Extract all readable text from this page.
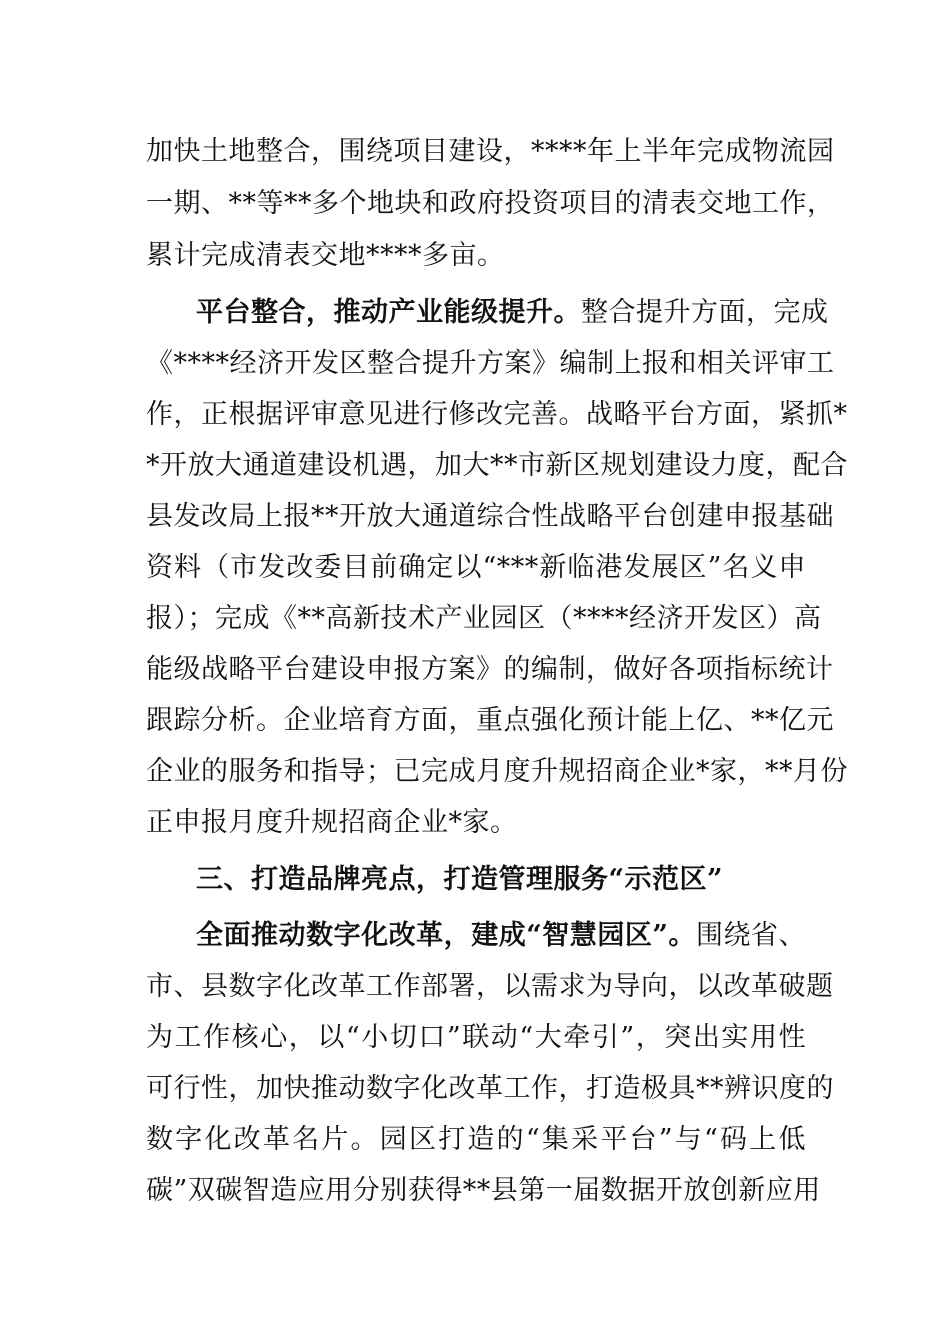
加快土地整合，围绕项目建设，****年上半年完成物流园
一期、**等**多个地块和政府投资项目的清表交地工作，
累计完成清表交地****多亩。
平台整合，推动产业能级提升。整合提升方面，完成
《****经济开发区整合提升方案》编制上报和相关评审工
作，正根据评审意见进行修改完善。战略平台方面，紧抓*
*开放大通道建设机遇，加大**市新区规划建设力度，配合
县发改局上报**开放大通道综合性战略平台创建申报基础
资料（市发改委目前确定以“***新临港发展区”名义申
报）；完成《**高新技术产业园区（****经济开发区）高
能级战略平台建设申报方案》的编制，做好各项指标统计
跟踪分析。企业培育方面，重点强化预计能上亿、**亿元
企业的服务和指导；已完成月度升规招商企业*家，**月份
正申报月度升规招商企业*家。
三、打造品牌亮点，打造管理服务“示范区”
全面推动数字化改革，建成“智慧园区”。围绕省、
市、县数字化改革工作部署，以需求为导向，以改革破题
为工作核心，以“小切口”联动“大牵引”，突出实用性
可行性，加快推动数字化改革工作，打造极具**辨识度的
数字化改革名片。园区打造的“集采平台”与“码上低
碳”双碳智造应用分别获得**县第一届数据开放创新应用
